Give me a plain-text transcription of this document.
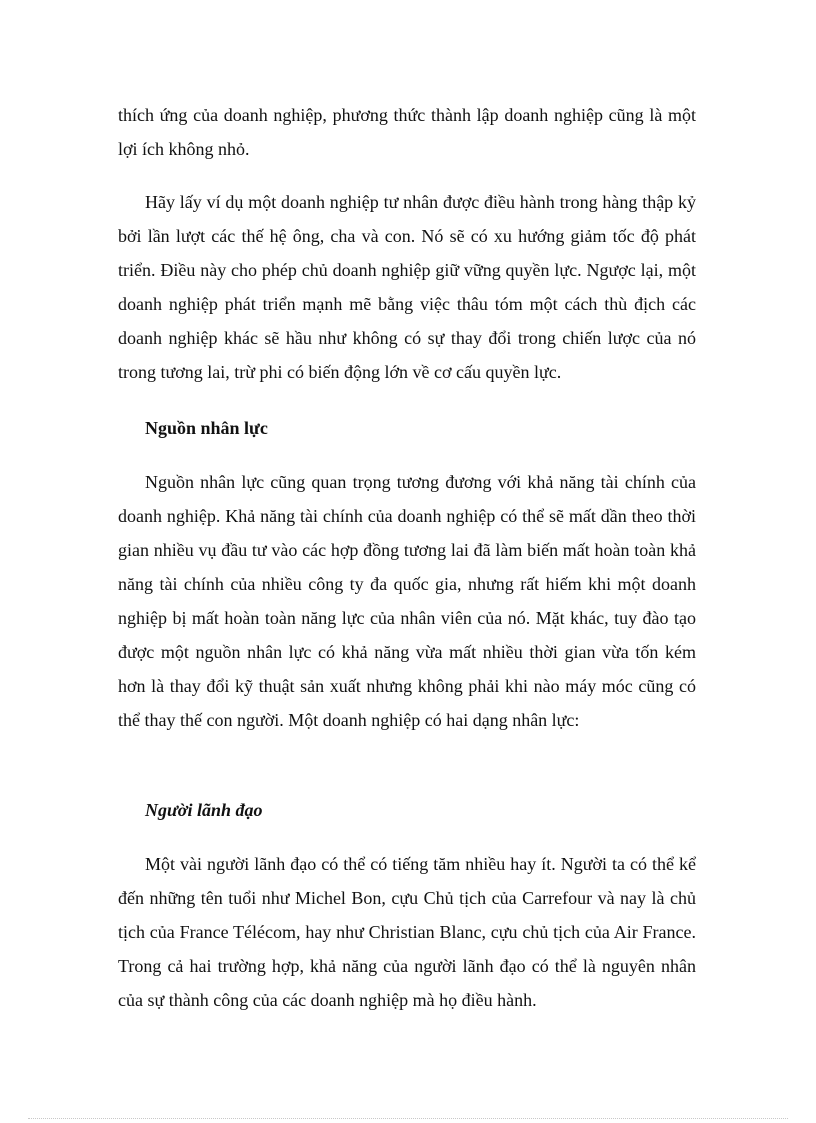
thích ứng của doanh nghiệp, phương thức thành lập doanh nghiệp cũng là một lợi ích không nhỏ.

Hãy lấy ví dụ một doanh nghiệp tư nhân được điều hành trong hàng thập kỷ bởi lần lượt các thế hệ ông, cha và con. Nó sẽ có xu hướng giảm tốc độ phát triển. Điều này cho phép chủ doanh nghiệp giữ vững quyền lực. Ngược lại, một doanh nghiệp phát triển mạnh mẽ bằng việc thâu tóm một cách thù địch các doanh nghiệp khác sẽ hầu như không có sự thay đổi trong chiến lược của nó trong tương lai, trừ phi có biến động lớn về cơ cấu quyền lực.

Nguồn nhân lực

Nguồn nhân lực cũng quan trọng tương đương với khả năng tài chính của doanh nghiệp. Khả năng tài chính của doanh nghiệp có thể sẽ mất dần theo thời gian nhiều vụ đầu tư vào các hợp đồng tương lai đã làm biến mất hoàn toàn khả năng tài chính của nhiều công ty đa quốc gia, nhưng rất hiếm khi một doanh nghiệp bị mất hoàn toàn năng lực của nhân viên của nó. Mặt khác, tuy đào tạo được một nguồn nhân lực có khả năng vừa mất nhiều thời gian vừa tốn kém hơn là thay đổi kỹ thuật sản xuất nhưng không phải khi nào máy móc cũng có thể thay thế con người. Một doanh nghiệp có hai dạng nhân lực:

Người lãnh đạo

Một vài người lãnh đạo có thể có tiếng tăm nhiều hay ít. Người ta có thể kể đến những tên tuổi như Michel Bon, cựu Chủ tịch của Carrefour và nay là chủ tịch của France Télécom, hay như Christian Blanc, cựu chủ tịch của Air France. Trong cả hai trường hợp, khả năng của người lãnh đạo có thể là nguyên nhân của sự thành công của các doanh nghiệp mà họ điều hành.
